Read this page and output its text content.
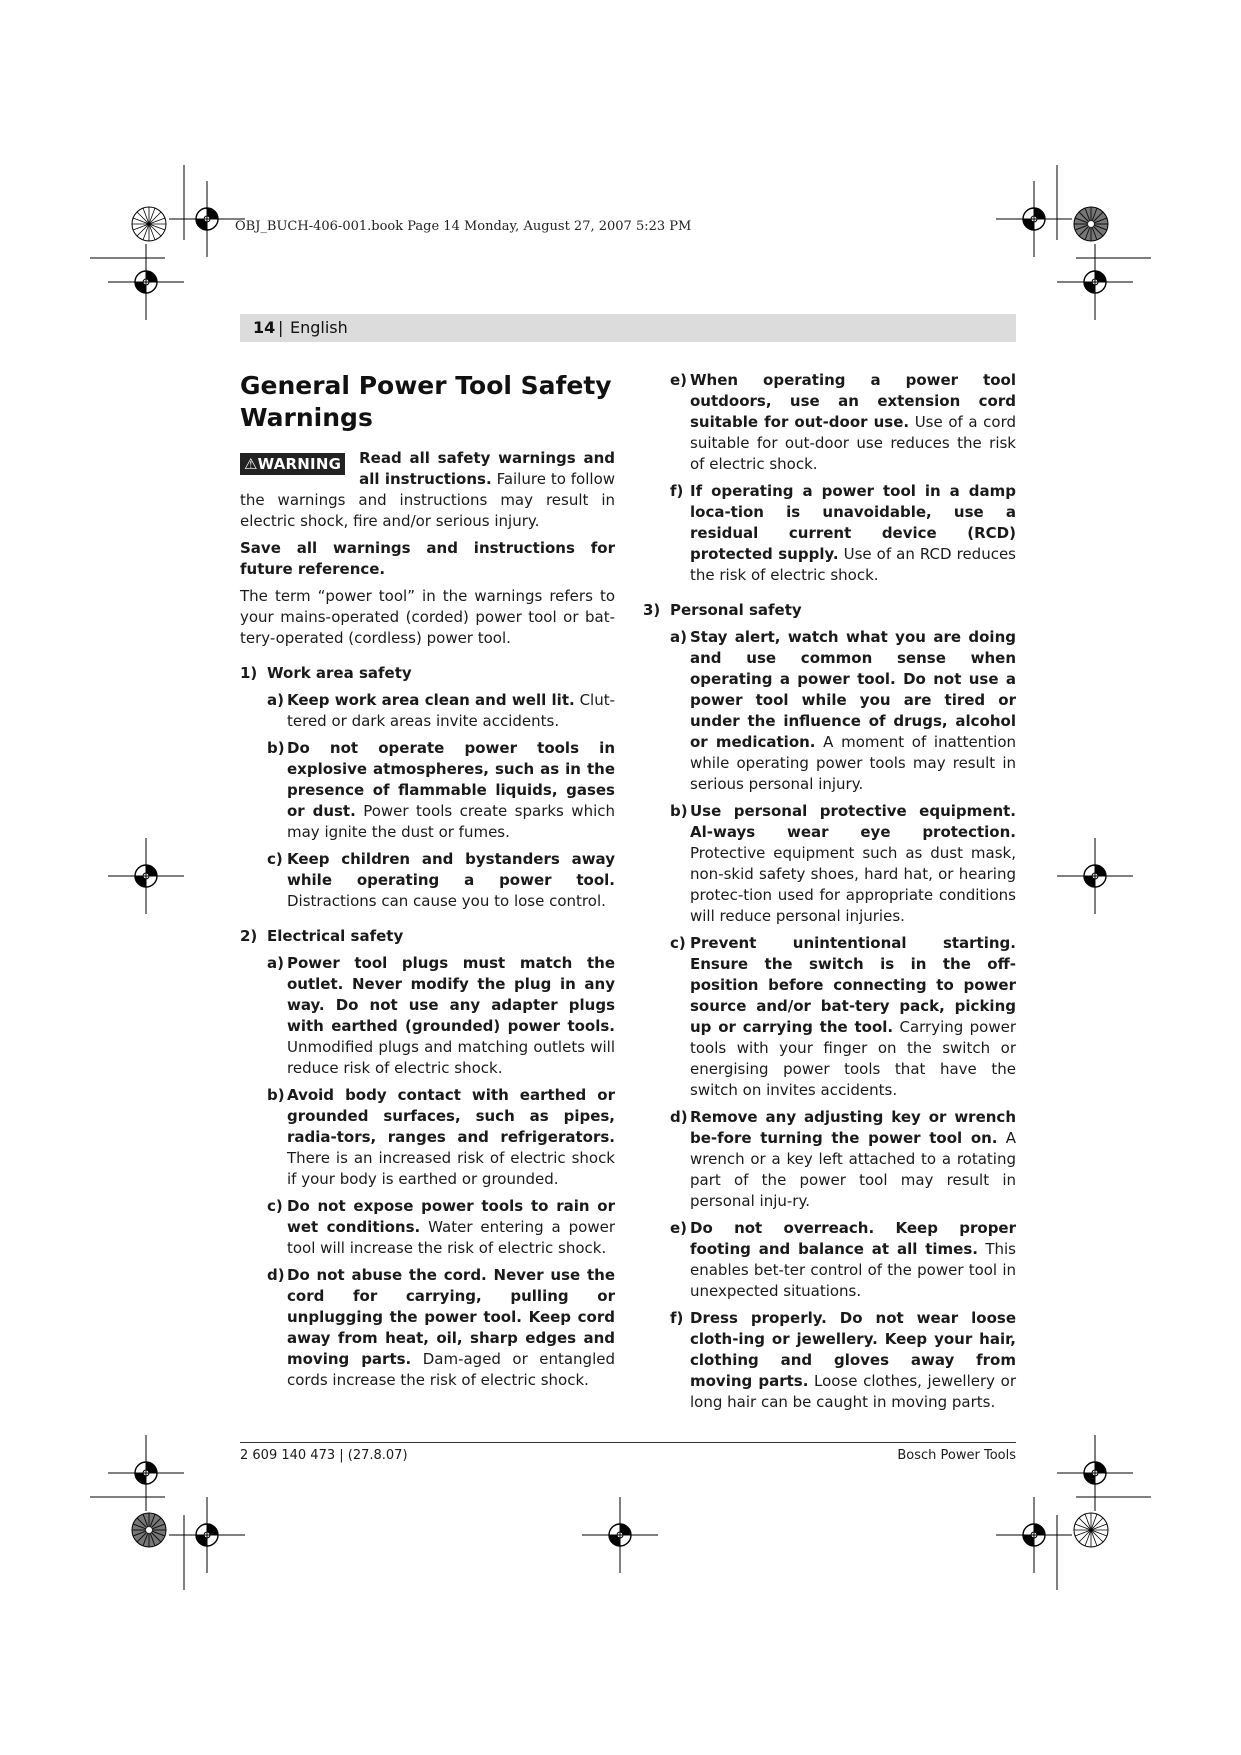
OBJ_BUCH-406-001.book Page 14 Monday, August 27, 2007 5:23 PM
14 | English
General Power Tool Safety Warnings

⚠WARNING Read all safety warnings and all instructions. Failure to follow the warnings and instructions may result in electric shock, fire and/or serious injury.

Save all warnings and instructions for future reference.

The term “power tool” in the warnings refers to your mains-operated (corded) power tool or bat-tery-operated (cordless) power tool.

1) Work area safety
a) Keep work area clean and well lit. Clut-tered or dark areas invite accidents.
b) Do not operate power tools in explosive atmospheres, such as in the presence of flammable liquids, gases or dust. Power tools create sparks which may ignite the dust or fumes.
c) Keep children and bystanders away while operating a power tool. Distractions can cause you to lose control.
2) Electrical safety
a) Power tool plugs must match the outlet. Never modify the plug in any way. Do not use any adapter plugs with earthed (grounded) power tools. Unmodified plugs and matching outlets will reduce risk of electric shock.
b) Avoid body contact with earthed or grounded surfaces, such as pipes, radia-tors, ranges and refrigerators. There is an increased risk of electric shock if your body is earthed or grounded.
c) Do not expose power tools to rain or wet conditions. Water entering a power tool will increase the risk of electric shock.
d) Do not abuse the cord. Never use the cord for carrying, pulling or unplugging the power tool. Keep cord away from heat, oil, sharp edges and moving parts. Dam-aged or entangled cords increase the risk of electric shock.
e) When operating a power tool outdoors, use an extension cord suitable for out-door use. Use of a cord suitable for out-door use reduces the risk of electric shock.
f) If operating a power tool in a damp loca-tion is unavoidable, use a residual current device (RCD) protected supply. Use of an RCD reduces the risk of electric shock.
3) Personal safety
a) Stay alert, watch what you are doing and use common sense when operating a power tool. Do not use a power tool while you are tired or under the influence of drugs, alcohol or medication. A moment of inattention while operating power tools may result in serious personal injury.
b) Use personal protective equipment. Al-ways wear eye protection. Protective equipment such as dust mask, non-skid safety shoes, hard hat, or hearing protec-tion used for appropriate conditions will reduce personal injuries.
c) Prevent unintentional starting. Ensure the switch is in the off-position before connecting to power source and/or bat-tery pack, picking up or carrying the tool. Carrying power tools with your finger on the switch or energising power tools that have the switch on invites accidents.
d) Remove any adjusting key or wrench be-fore turning the power tool on. A wrench or a key left attached to a rotating part of the power tool may result in personal inju-ry.
e) Do not overreach. Keep proper footing and balance at all times. This enables bet-ter control of the power tool in unexpected situations.
f) Dress properly. Do not wear loose cloth-ing or jewellery. Keep your hair, clothing and gloves away from moving parts. Loose clothes, jewellery or long hair can be caught in moving parts.
2 609 140 473 | (27.8.07)	Bosch Power Tools
